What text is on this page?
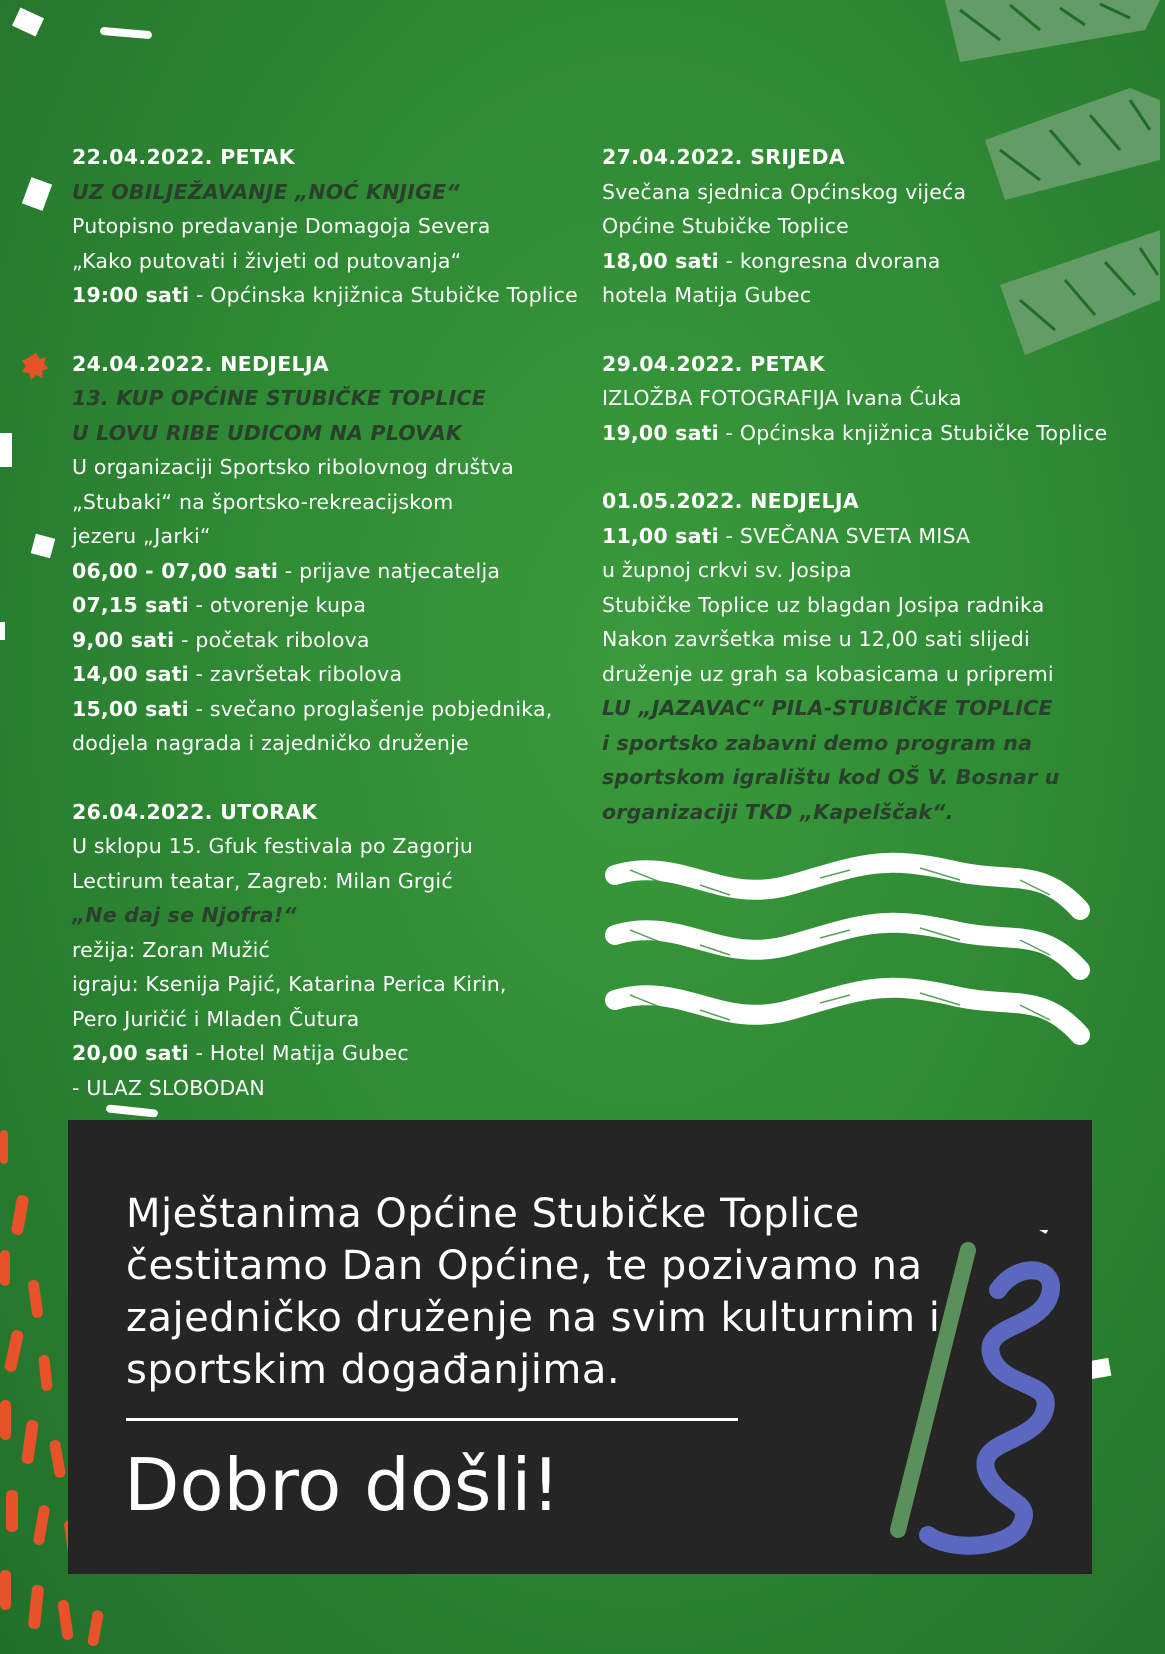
22.04.2022. PETAK
UZ OBILJEŽAVANJE „NOĆ KNJIGE“
Putopisno predavanje Domagoja Severa
„Kako putovati i živjeti od putovanja“
19:00 sati - Općinska knjižnica Stubičke Toplice
24.04.2022. NEDJELJA
13. KUP OPĆINE STUBIČKE TOPLICE
U LOVU RIBE UDICOM NA PLOVAK
U organizaciji Sportsko ribolovnog društva
„Stubaki“ na športsko-rekreacijskom
jezeru „Jarki“
06,00 - 07,00 sati - prijave natjecatelja
07,15 sati - otvorenje kupa
9,00 sati - početak ribolova
14,00 sati - završetak ribolova
15,00 sati - svečano proglašenje pobjednika,
dodjela nagrada i zajedničko druženje
26.04.2022. UTORAK
U sklopu 15. Gfuk festivala po Zagorju
Lectirum teatar, Zagreb: Milan Grgić
„Ne daj se Njofra!“
režija: Zoran Mužić
igraju: Ksenija Pajić, Katarina Perica Kirin,
Pero Juričić i Mladen Čutura
20,00 sati - Hotel Matija Gubec
- ULAZ SLOBODAN
27.04.2022. SRIJEDA
Svečana sjednica Općinskog vijeća
Općine Stubičke Toplice
18,00 sati - kongresna dvorana
hotela Matija Gubec
29.04.2022. PETAK
IZLOŽBA FOTOGRAFIJA Ivana Ćuka
19,00 sati - Općinska knjižnica Stubičke Toplice
01.05.2022. NEDJELJA
11,00 sati - SVEČANA SVETA MISA
u župnoj crkvi sv. Josipa
Stubičke Toplice uz blagdan Josipa radnika
Nakon završetka mise u 12,00 sati slijedi
druženje uz grah sa kobasicama u pripremi
LU „JAZAVAC“ PILA-STUBIČKE TOPLICE
i sportsko zabavni demo program na
sportskom igralištu kod OŠ V. Bosnar u
organizaciji TKD „Kapelščak“.
Mještanima Općine Stubičke Toplice
čestitamo Dan Općine, te pozivamo na
zajedničko druženje na svim kulturnim i
sportskim događanjima.
Dobro došli!
